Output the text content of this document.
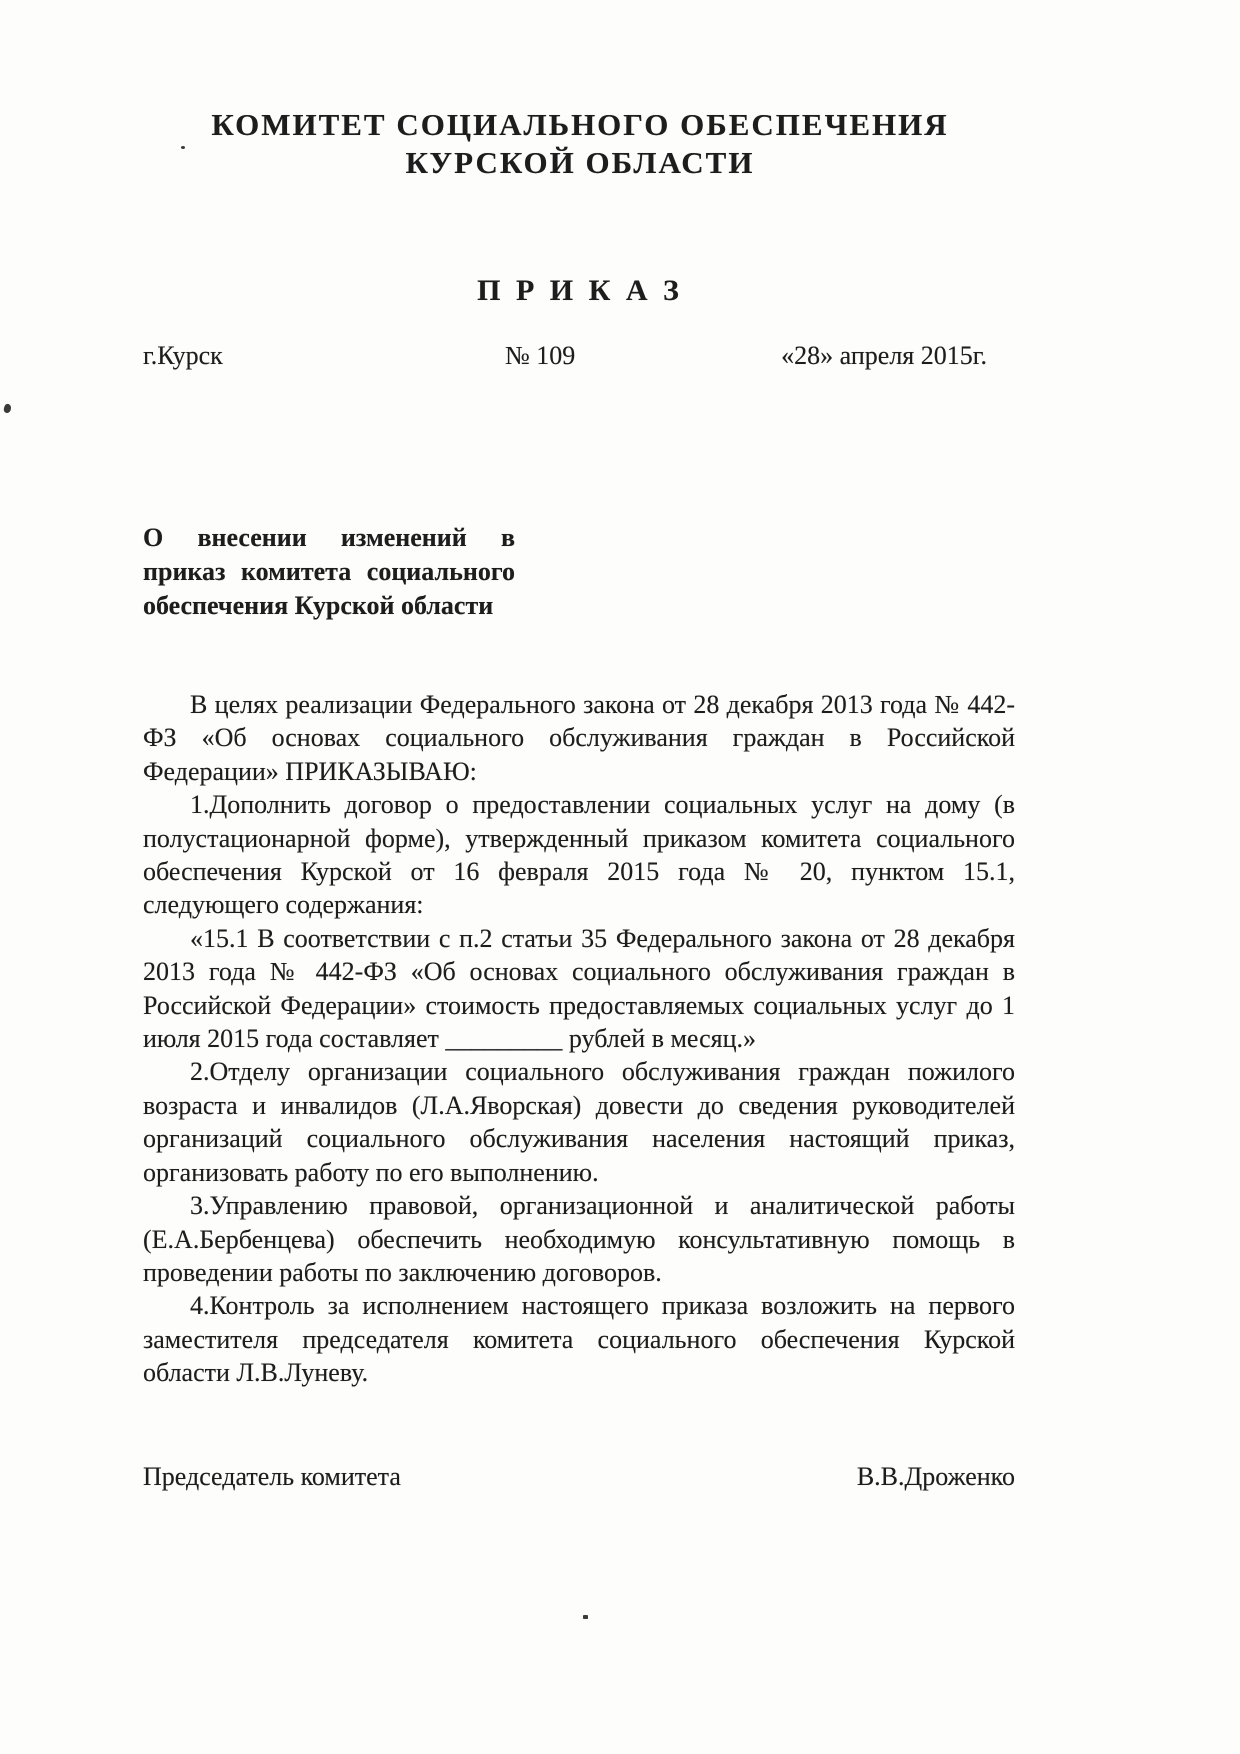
КОМИТЕТ СОЦИАЛЬНОГО ОБЕСПЕЧЕНИЯ
КУРСКОЙ ОБЛАСТИ
П Р И К А З
г.Курск	№ 109	«28» апреля 2015г.
О внесении изменений в
приказ комитета социального
обеспечения Курской области

В целях реализации Федерального закона от 28 декабря 2013 года № 442-ФЗ «Об основах социального обслуживания граждан в Российской Федерации» ПРИКАЗЫВАЮ:

1.Дополнить договор о предоставлении социальных услуг на дому (в полустационарной форме), утвержденный приказом комитета социального обеспечения Курской от 16 февраля 2015 года № 20, пунктом 15.1, следующего содержания:

«15.1 В соответствии с п.2 статьи 35 Федерального закона от 28 декабря 2013 года № 442-ФЗ «Об основах социального обслуживания граждан в Российской Федерации» стоимость предоставляемых социальных услуг до 1 июля 2015 года составляет _________ рублей в месяц.»

2.Отделу организации социального обслуживания граждан пожилого возраста и инвалидов (Л.А.Яворская) довести до сведения руководителей организаций социального обслуживания населения настоящий приказ, организовать работу по его выполнению.

3.Управлению правовой, организационной и аналитической работы (Е.А.Бербенцева) обеспечить необходимую консультативную помощь в проведении работы по заключению договоров.

4.Контроль за исполнением настоящего приказа возложить на первого заместителя председателя комитета социального обеспечения Курской области Л.В.Луневу.

Председатель комитета	В.В.Дроженко
